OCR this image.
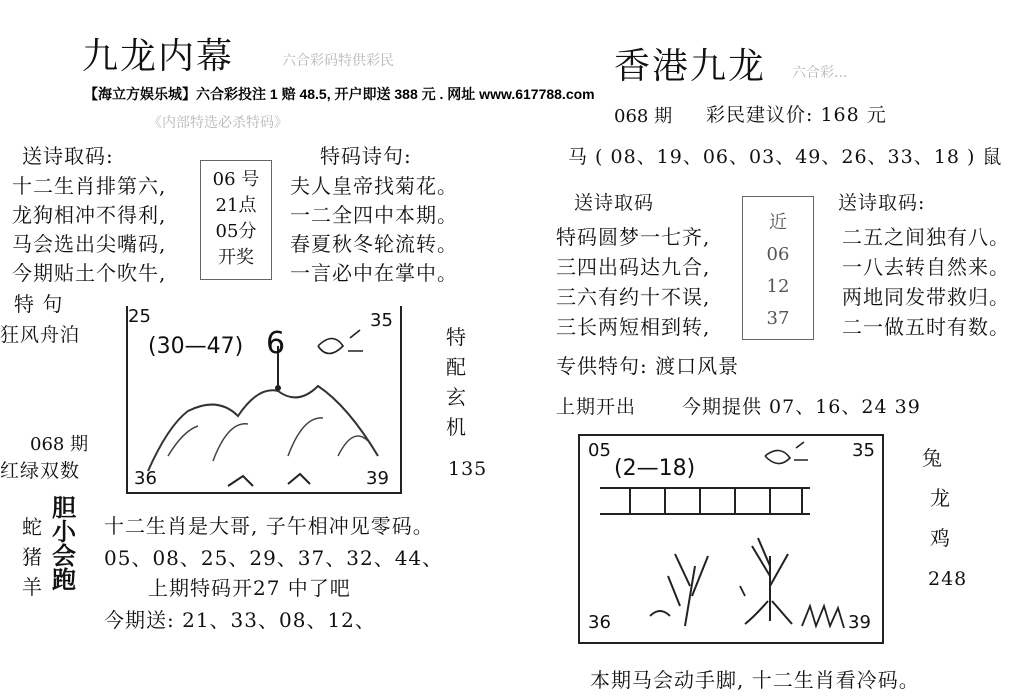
九龙内幕	六合彩码特供彩民
【海立方娱乐城】六合彩投注 1 赔 48.5, 开户即送 388 元 . 网址 www.617788.com
《内部特选必杀特码》
送诗取码:
十二生肖排第六,
龙狗相冲不得利,
马会选出尖嘴码,
今期贴土个吹牛,
06 号
21点
05分
开奖
特码诗句:
夫人皇帝找菊花。
一二全四中本期。
春夏秋冬轮流转。
一言必中在掌中。
特 句
狂风舟泊
068 期
红绿双数
25	35
36	39
(30—47) 6	特
配
玄
机
135
蛇
猪
羊
胆
小
会
跑
十二生肖是大哥, 子午相冲见零码。
05、08、25、29、37、32、44、
上期特码开27 中了吧
今期送: 21、33、08、12、
香港九龙 六合彩...
068 期 彩民建议价: 168 元
马 ( 08、19、06、03、49、26、33、18 ) 鼠
送诗取码	送诗取码:
特码圆梦一七齐,
三四出码达九合,
三六有约十不误,
三长两短相到转,
近
06
12
37
二五之间独有八。
一八去转自然来。
两地同发带救归。
二一做五时有数。
专供特句: 渡口风景
上期开出 今期提供 07、16、24 39
05	35
36	39
(2—18)	兔
龙
鸡
248
本期马会动手脚, 十二生肖看冷码。
